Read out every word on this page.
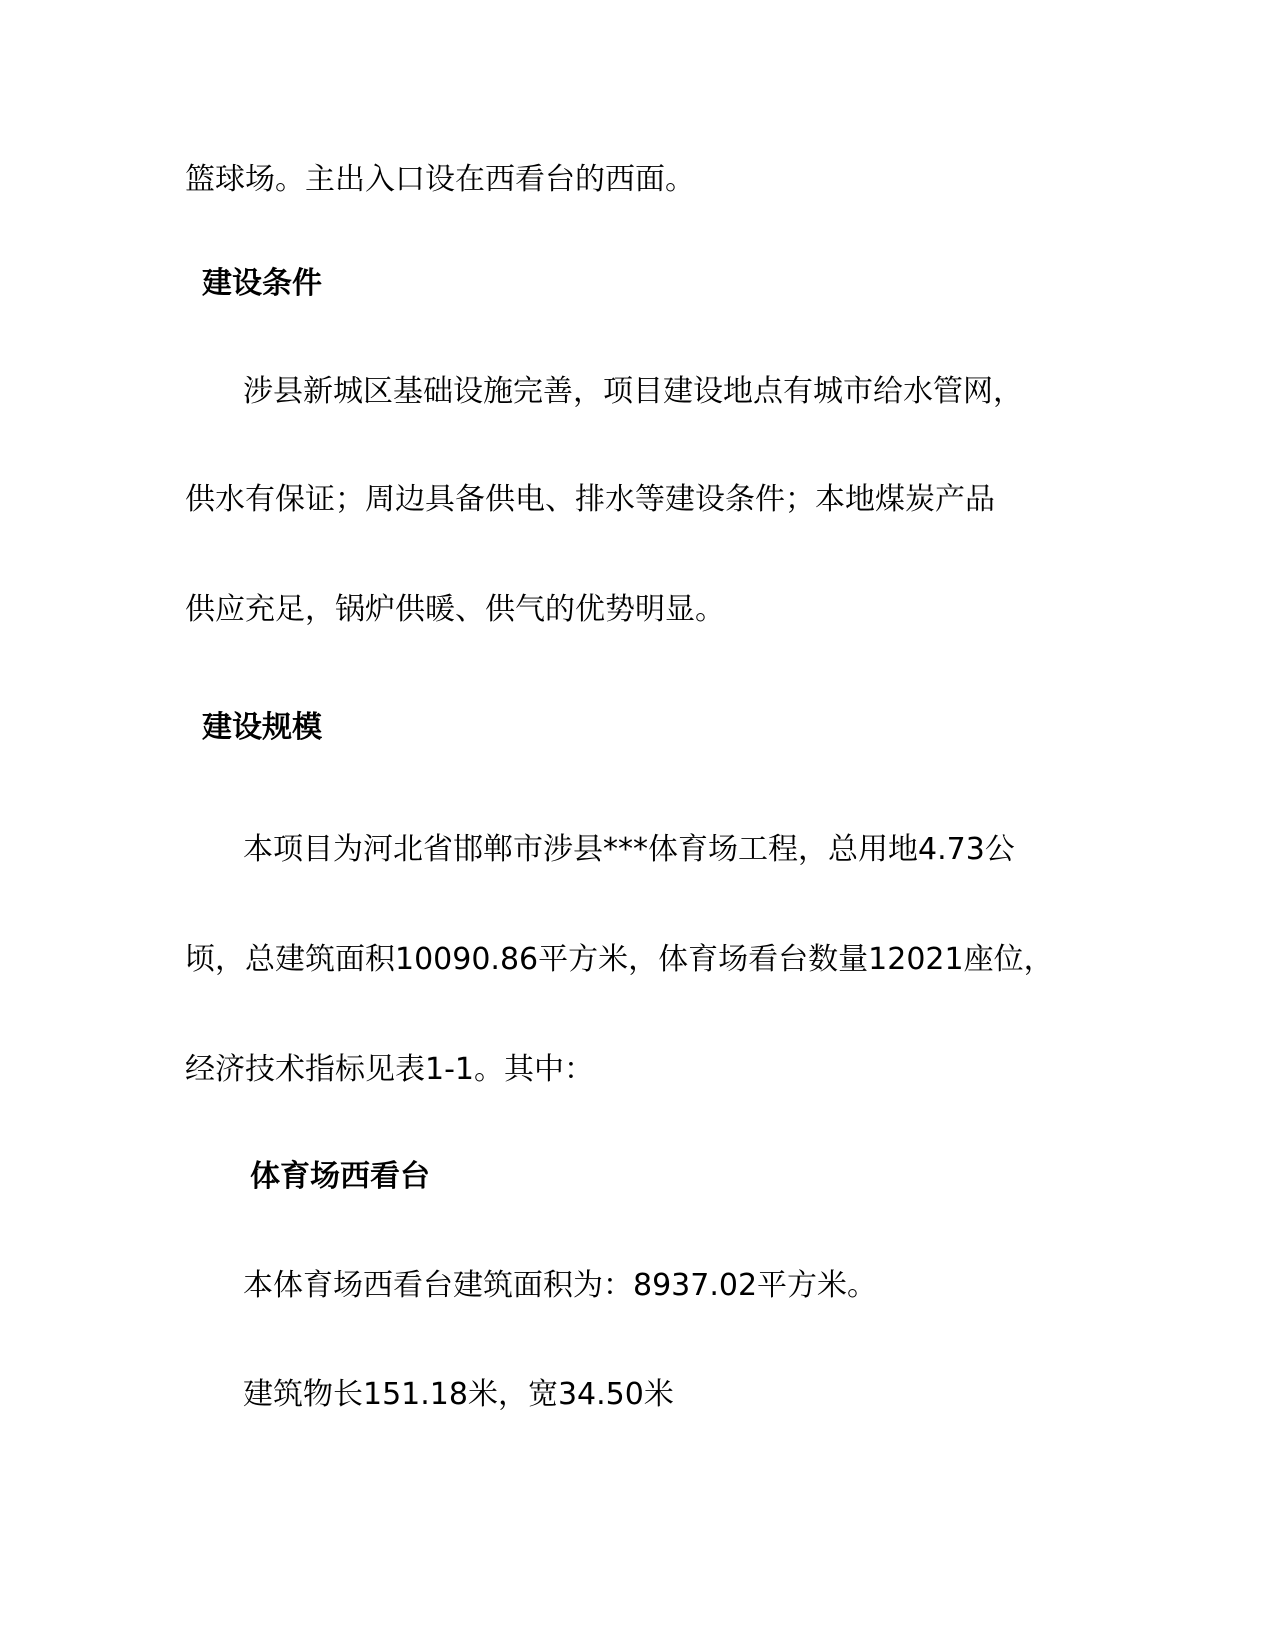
篮球场。主出入口设在西看台的西面。
建设条件
涉县新城区基础设施完善，项目建设地点有城市给水管网，
供水有保证；周边具备供电、排水等建设条件；本地煤炭产品
供应充足，锅炉供暖、供气的优势明显。
建设规模
本项目为河北省邯郸市涉县***体育场工程，总用地4.73公
顷，总建筑面积10090.86平方米，体育场看台数量12021座位，
经济技术指标见表1-1。其中：
体育场西看台
本体育场西看台建筑面积为：8937.02平方米。
建筑物长151.18米，宽34.50米
